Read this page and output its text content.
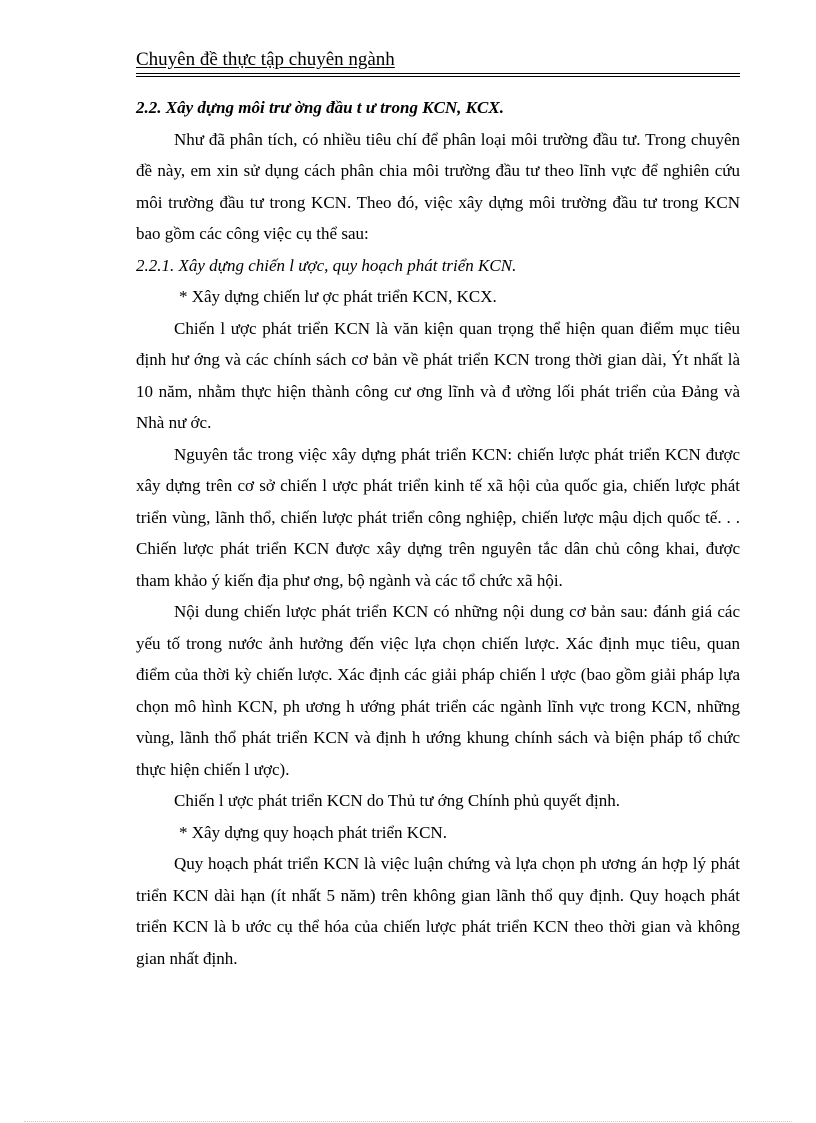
Chuyên đề thực tập chuyên ngành

2.2. Xây dựng môi trư ờng đầu t ư trong KCN, KCX.

Như đã phân tích, có nhiều tiêu chí để phân loại môi trường đầu tư. Trong chuyên đề này, em xin sử dụng cách phân chia môi trường đầu tư theo lĩnh vực để nghiên cứu môi trường đầu tư trong KCN. Theo đó, việc xây dựng môi trường đầu tư trong KCN bao gồm các công việc cụ thể sau:

2.2.1. Xây dựng chiến l ược, quy hoạch phát triển KCN.

* Xây dựng chiến lư ợc phát triển KCN, KCX.

Chiến l ược phát triển KCN là văn kiện quan trọng thể hiện quan điểm mục tiêu định hư ớng và các chính sách cơ bản về phát triển KCN trong thời gian dài, Ýt nhất là 10 năm, nhằm thực hiện thành công cư ơng lĩnh và đ ường lối phát triển của Đảng và Nhà nư ớc.

Nguyên tắc trong việc xây dựng phát triển KCN: chiến lược phát triển KCN được xây dựng trên cơ sở chiến l ược phát triển kinh tế xã hội của quốc gia, chiến lược phát triển vùng, lãnh thổ, chiến lược phát triển công nghiệp, chiến lược mậu dịch quốc tế. . . Chiến lược phát triển KCN được xây dựng trên nguyên tắc dân chủ công khai, được tham khảo ý kiến địa phư ơng, bộ ngành và các tổ chức xã hội.

Nội dung chiến lược phát triển KCN có những nội dung cơ bản sau: đánh giá các yếu tố trong nước ảnh hưởng đến việc lựa chọn chiến lược. Xác định mục tiêu, quan điểm của thời kỳ chiến lược. Xác định các giải pháp chiến l ược (bao gồm giải pháp lựa chọn mô hình KCN, ph ương h ướng phát triển các ngành lĩnh vực trong KCN, những vùng, lãnh thổ phát triển KCN và định h ướng khung chính sách và biện pháp tổ chức thực hiện chiến l ược).

Chiến l ược phát triển KCN do Thủ tư ớng Chính phủ quyết định.

* Xây dựng quy hoạch phát triển KCN.

Quy hoạch phát triển KCN là việc luận chứng và lựa chọn ph ương án hợp lý phát triển KCN dài hạn (ít nhất 5 năm) trên không gian lãnh thổ quy định. Quy hoạch phát triển KCN là b ước cụ thể hóa của chiến lược phát triển KCN theo thời gian và không gian nhất định.
